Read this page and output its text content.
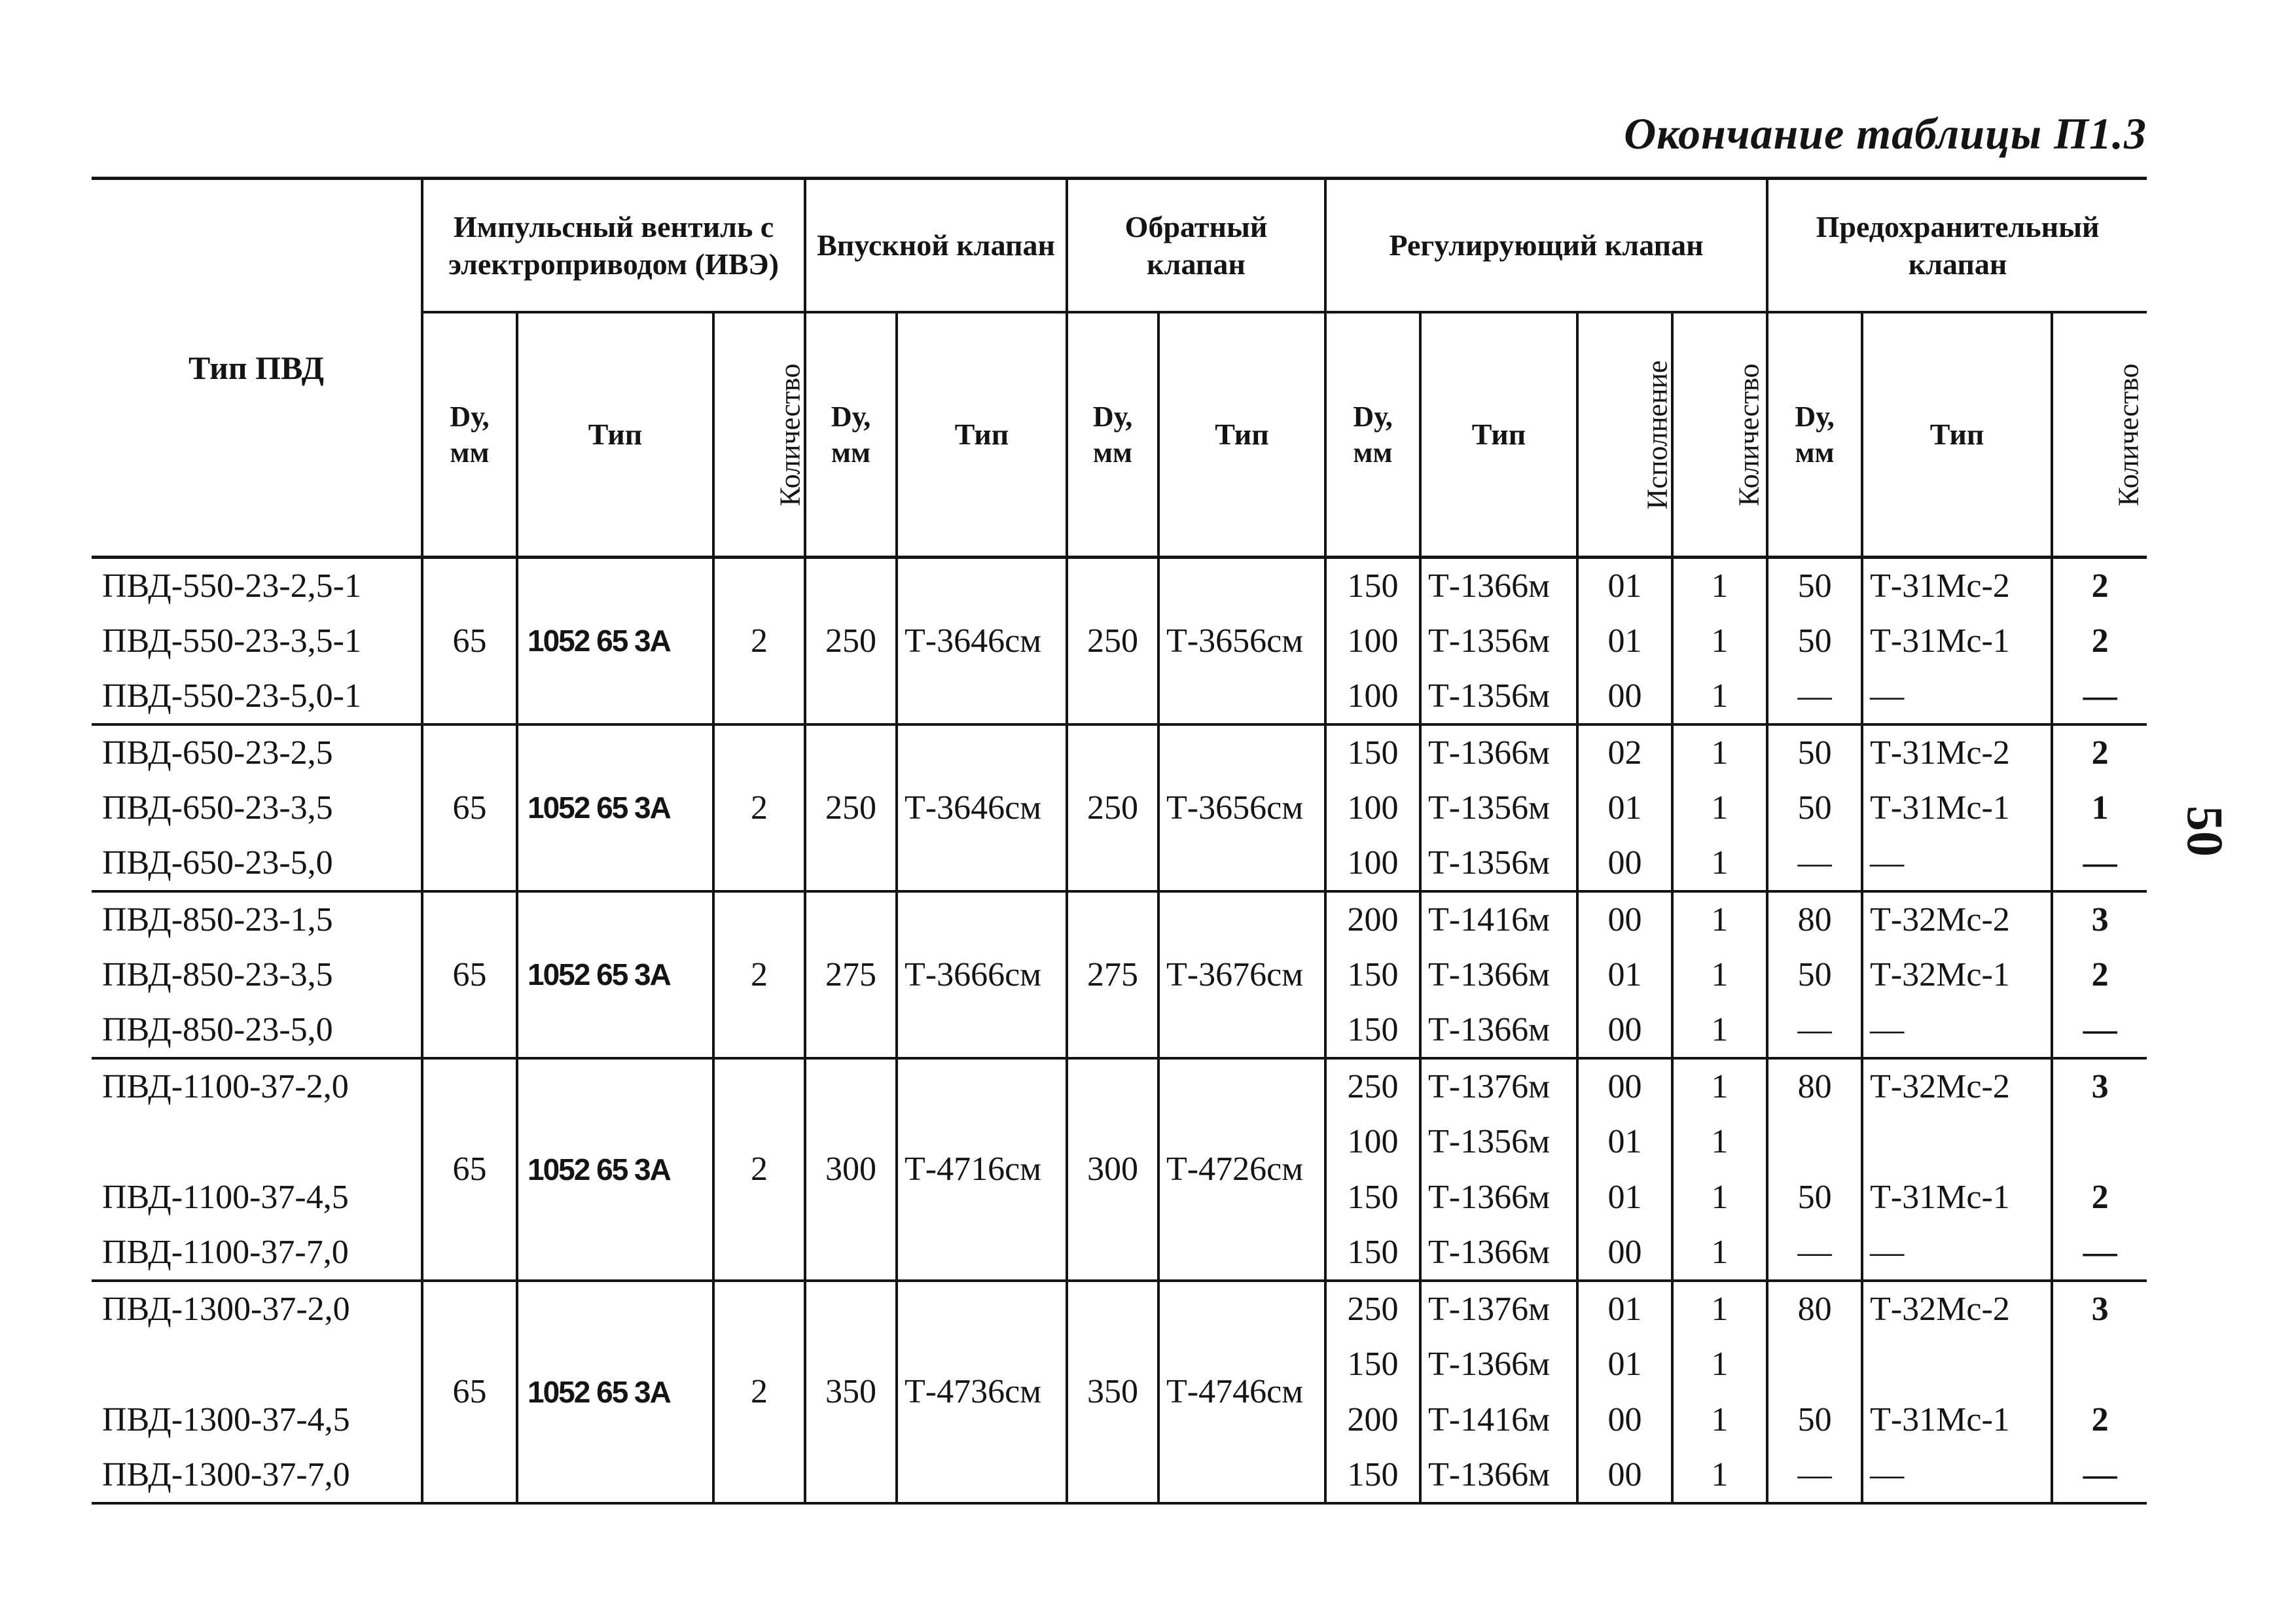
Окончание таблицы П1.3
50
Тип ПВД	Импульсный вентиль с электроприводом (ИВЭ)			Впускной клапан		Обратный клапан		Регулирующий клапан				Предохранительный клапан		
	Dу, мм	Тип	Количество	Dу, мм	Тип	Dу, мм	Тип	Dу, мм	Тип	Исполнение	Количество	Dу, мм	Тип	Количество
ПВД-550-23-2,5-1	65	1052 65 3А	2	250	Т-3646см	250	Т-3656см	150	Т-1366м	01	1	50	Т-31Мс-2	2
ПВД-550-23-3,5-1								100	Т-1356м	01	1	50	Т-31Мс-1	2
ПВД-550-23-5,0-1								100	Т-1356м	00	1	—	—	—
ПВД-650-23-2,5	65	1052 65 3А	2	250	Т-3646см	250	Т-3656см	150	Т-1366м	02	1	50	Т-31Мс-2	2
ПВД-650-23-3,5								100	Т-1356м	01	1	50	Т-31Мс-1	1
ПВД-650-23-5,0								100	Т-1356м	00	1	—	—	—
ПВД-850-23-1,5	65	1052 65 3А	2	275	Т-3666см	275	Т-3676см	200	Т-1416м	00	1	80	Т-32Мс-2	3
ПВД-850-23-3,5								150	Т-1366м	01	1	50	Т-32Мс-1	2
ПВД-850-23-5,0								150	Т-1366м	00	1	—	—	—
ПВД-1100-37-2,0	65	1052 65 3А	2	300	Т-4716см	300	Т-4726см	250	Т-1376м	00	1	80	Т-32Мс-2	3
								100	Т-1356м	01	1			
ПВД-1100-37-4,5								150	Т-1366м	01	1	50	Т-31Мс-1	2
ПВД-1100-37-7,0								150	Т-1366м	00	1	—	—	—
ПВД-1300-37-2,0	65	1052 65 3А	2	350	Т-4736см	350	Т-4746см	250	Т-1376м	01	1	80	Т-32Мс-2	3
								150	Т-1366м	01	1			
ПВД-1300-37-4,5								200	Т-1416м	00	1	50	Т-31Мс-1	2
ПВД-1300-37-7,0								150	Т-1366м	00	1	—	—	—
